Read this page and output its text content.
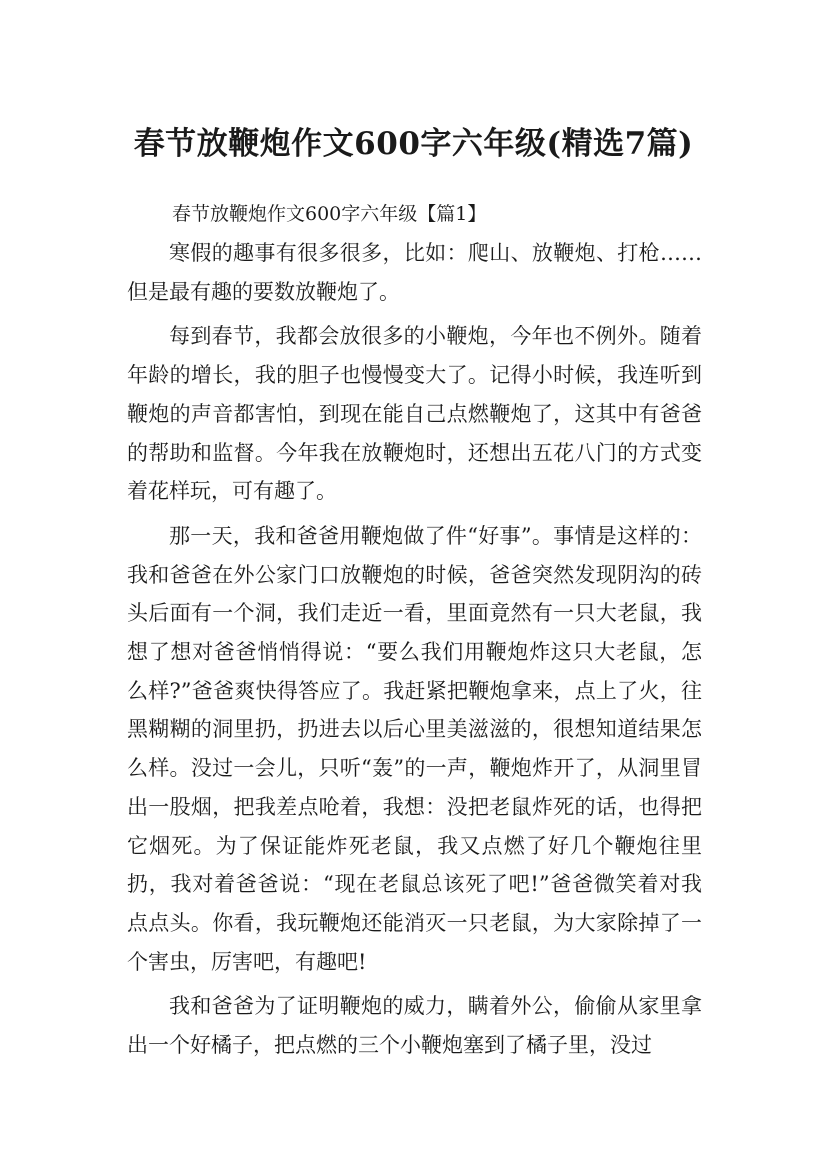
春节放鞭炮作文600字六年级(精选7篇)
春节放鞭炮作文600字六年级【篇1】

寒假的趣事有很多很多，比如：爬山、放鞭炮、打枪……但是最有趣的要数放鞭炮了。

每到春节，我都会放很多的小鞭炮，今年也不例外。随着年龄的增长，我的胆子也慢慢变大了。记得小时候，我连听到鞭炮的声音都害怕，到现在能自己点燃鞭炮了，这其中有爸爸的帮助和监督。今年我在放鞭炮时，还想出五花八门的方式变着花样玩，可有趣了。

那一天，我和爸爸用鞭炮做了件“好事”。事情是这样的：我和爸爸在外公家门口放鞭炮的时候，爸爸突然发现阴沟的砖头后面有一个洞，我们走近一看，里面竟然有一只大老鼠，我想了想对爸爸悄悄得说：“要么我们用鞭炮炸这只大老鼠，怎么样?”爸爸爽快得答应了。我赶紧把鞭炮拿来，点上了火，往黑糊糊的洞里扔，扔进去以后心里美滋滋的，很想知道结果怎么样。没过一会儿，只听“轰”的一声，鞭炮炸开了，从洞里冒出一股烟，把我差点呛着，我想：没把老鼠炸死的话，也得把它烟死。为了保证能炸死老鼠，我又点燃了好几个鞭炮往里扔，我对着爸爸说：“现在老鼠总该死了吧!”爸爸微笑着对我点点头。你看，我玩鞭炮还能消灭一只老鼠，为大家除掉了一个害虫，厉害吧，有趣吧!

我和爸爸为了证明鞭炮的威力，瞒着外公，偷偷从家里拿出一个好橘子，把点燃的三个小鞭炮塞到了橘子里，没过
